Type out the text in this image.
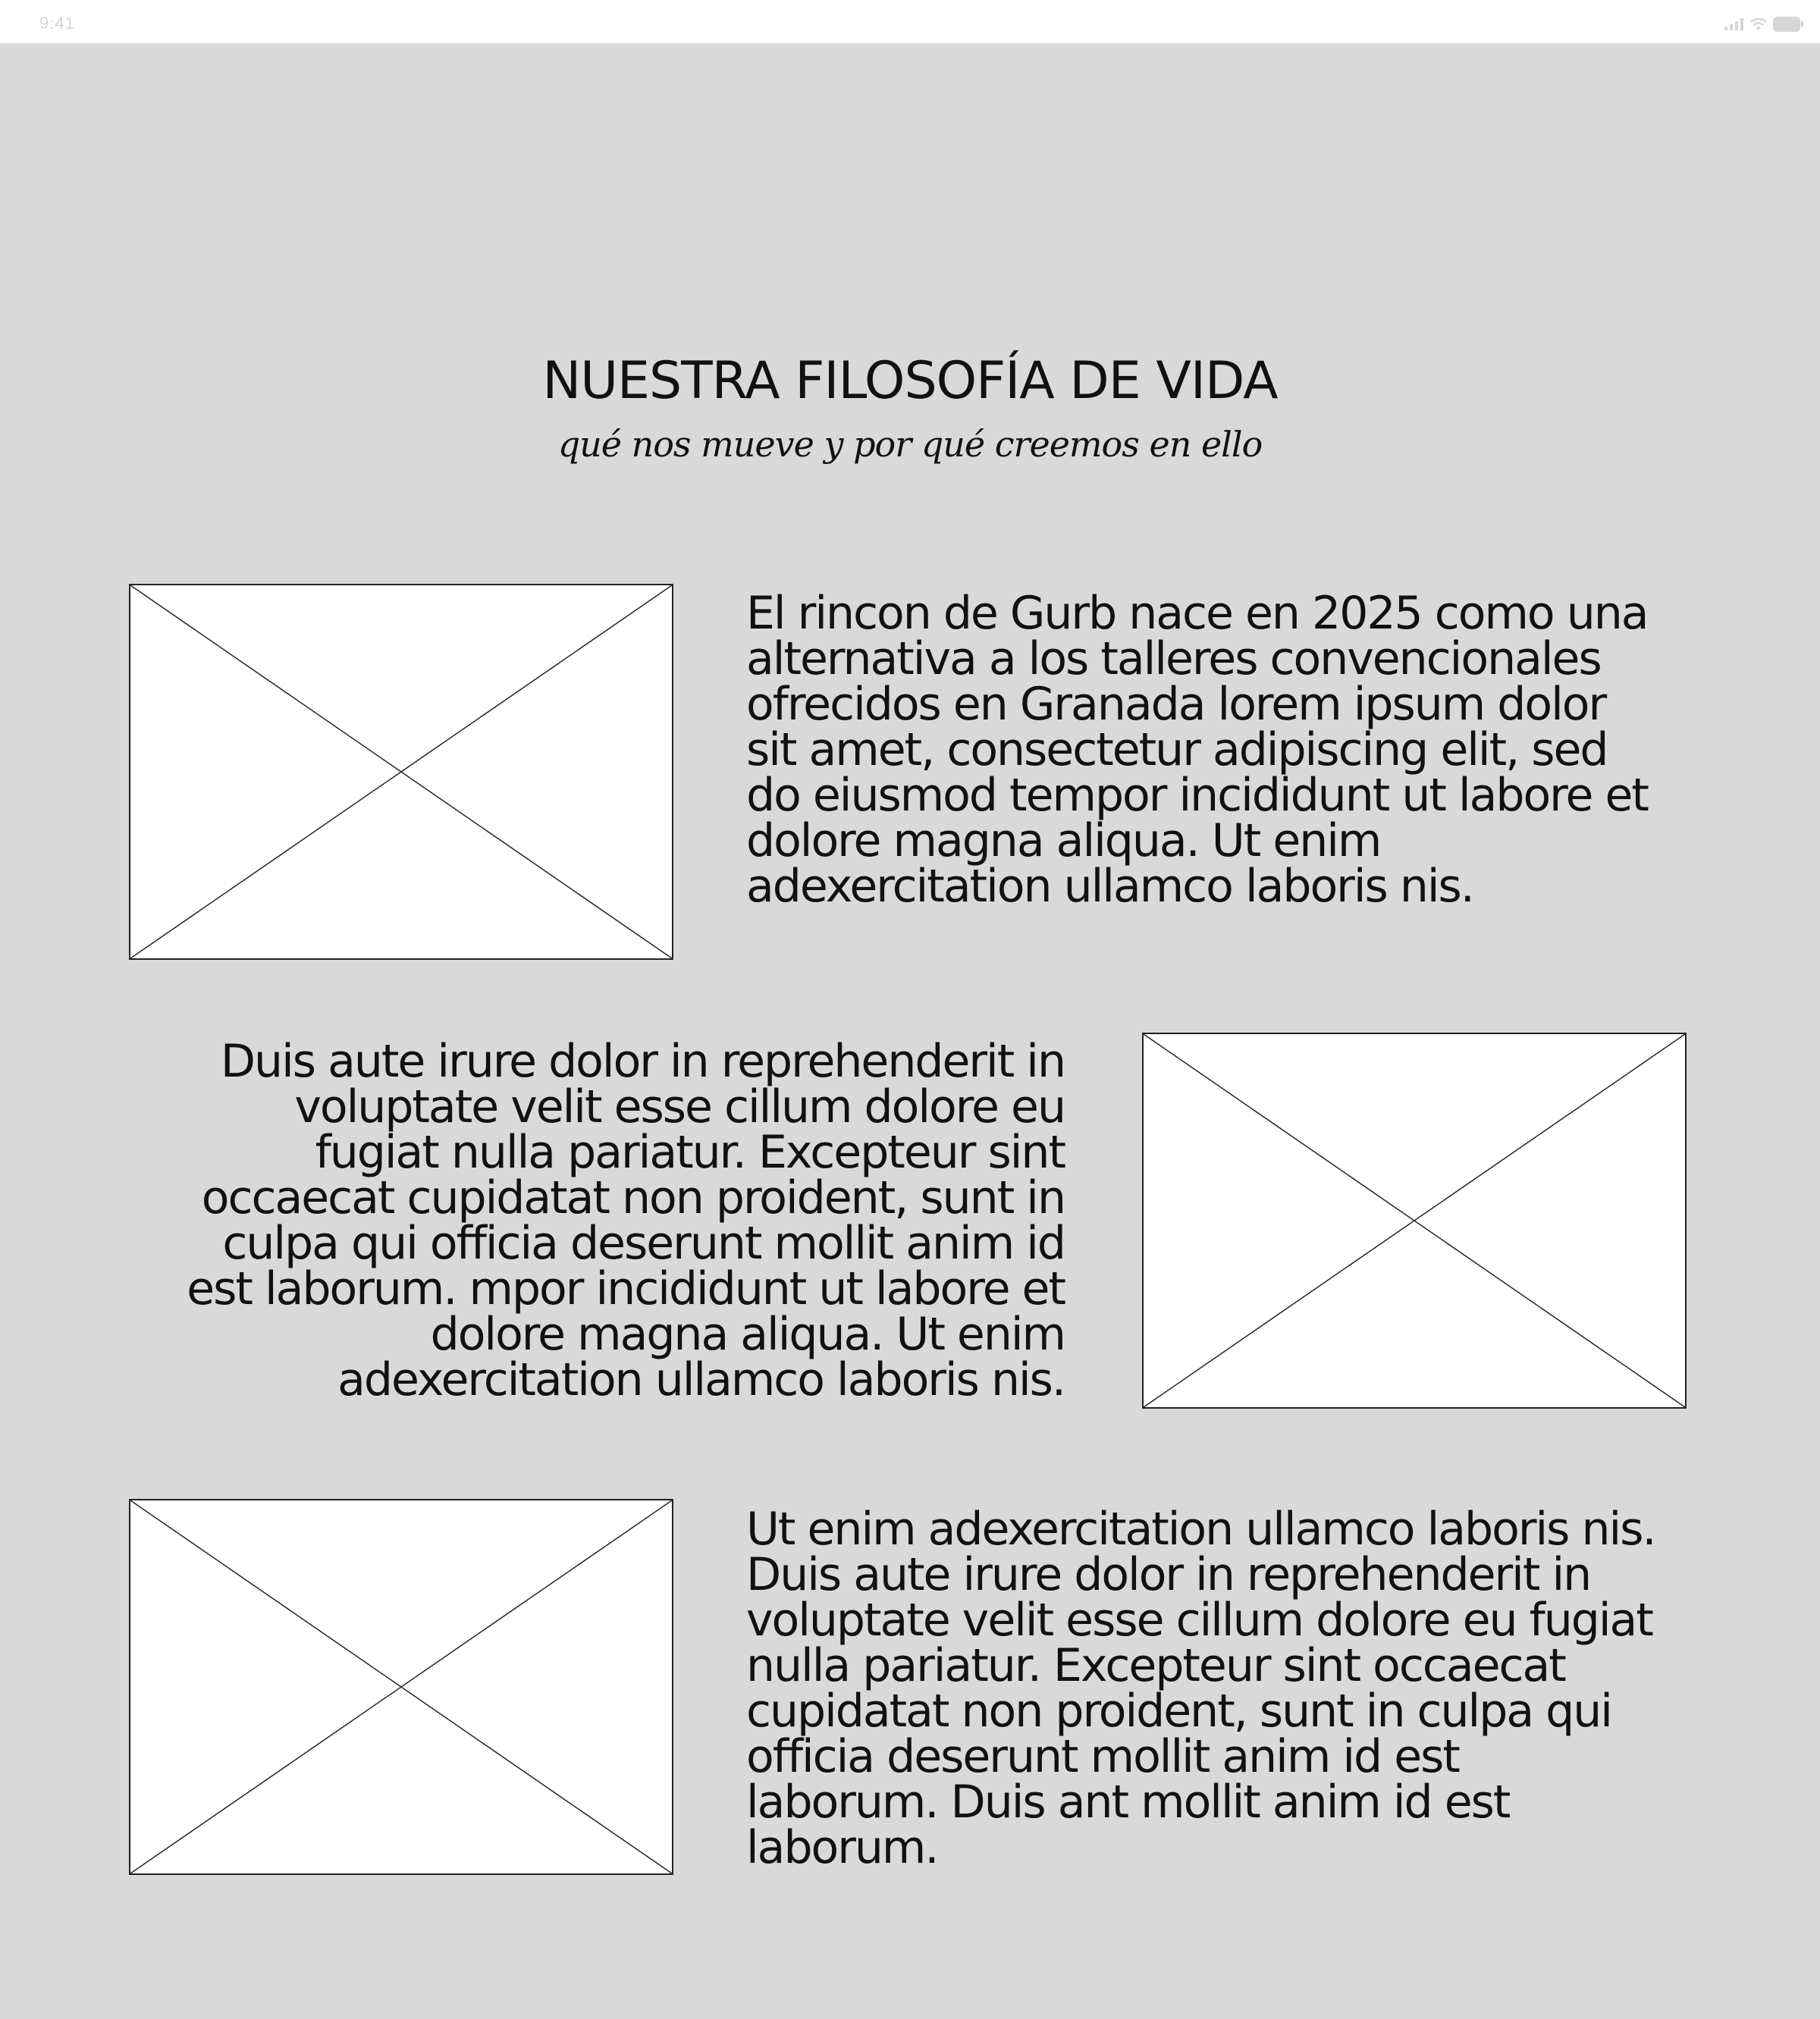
9:41
NUESTRA FILOSOFÍA DE VIDA

qué nos mueve y por qué creemos en ello

El rincon de Gurb nace en 2025 como una alternativa a los talleres convencionales ofrecidos en Granada lorem ipsum dolor sit amet, consectetur adipiscing elit, sed do eiusmod tempor incididunt ut labore et dolore magna aliqua. Ut enim adexercitation ullamco laboris nis.

Duis aute irure dolor in reprehenderit in voluptate velit esse cillum dolore eu fugiat nulla pariatur. Excepteur sint occaecat cupidatat non proident, sunt in culpa qui officia deserunt mollit anim id est laborum. mpor incididunt ut labore et dolore magna aliqua. Ut enim adexercitation ullamco laboris nis.

Ut enim adexercitation ullamco laboris nis. Duis aute irure dolor in reprehenderit in voluptate velit esse cillum dolore eu fugiat nulla pariatur. Excepteur sint occaecat cupidatat non proident, sunt in culpa qui officia deserunt mollit anim id est laborum. Duis ant mollit anim id est laborum.
